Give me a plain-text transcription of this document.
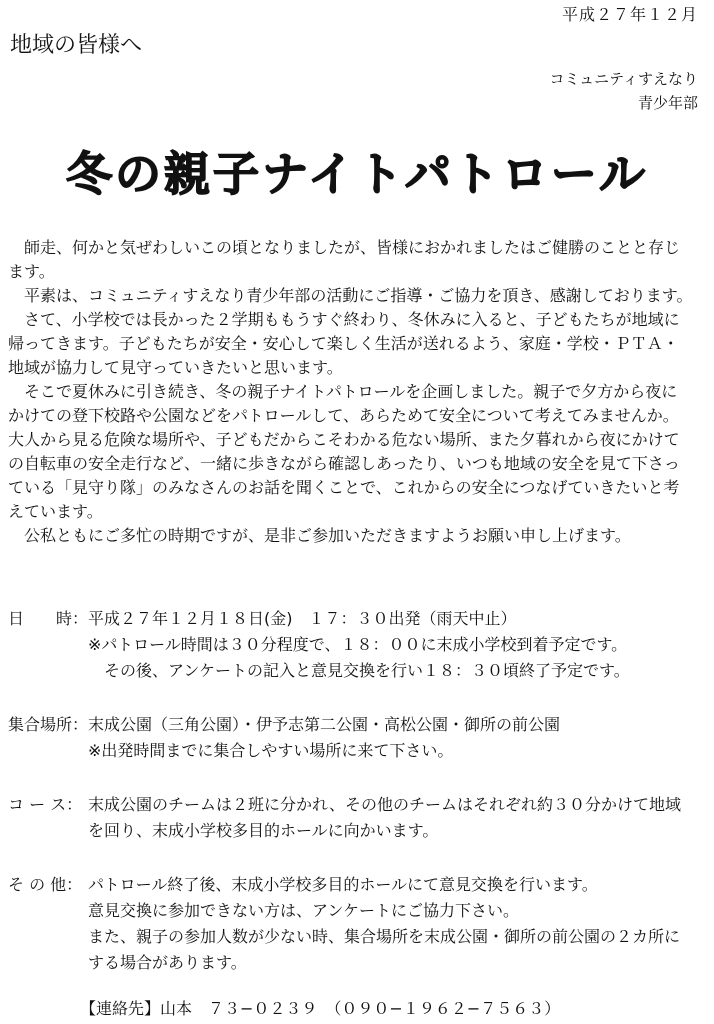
平成２７年１２月
地域の皆様へ
コミュニティすえなり
青少年部
冬の親子ナイトパトロール
　師走、何かと気ぜわしいこの頃となりましたが、皆様におかれましたはご健勝のことと存じ
ます。
　平素は、コミュニティすえなり青少年部の活動にご指導・ご協力を頂き、感謝しております。
　さて、小学校では長かった２学期ももうすぐ終わり、冬休みに入ると、子どもたちが地域に
帰ってきます。子どもたちが安全・安心して楽しく生活が送れるよう、家庭・学校・ＰＴＡ・
地域が協力して見守っていきたいと思います。
　そこで夏休みに引き続き、冬の親子ナイトパトロールを企画しました。親子で夕方から夜に
かけての登下校路や公園などをパトロールして、あらためて安全について考えてみませんか。
大人から見る危険な場所や、子どもだからこそわかる危ない場所、また夕暮れから夜にかけて
の自転車の安全走行など、一緒に歩きながら確認しあったり、いつも地域の安全を見て下さっ
ている「見守り隊」のみなさんのお話を聞くことで、これからの安全につなげていきたいと考
えています。
　公私ともにご多忙の時期ですが、是非ご参加いただきますようお願い申し上げます。
日　　時： 平成２７年１２月１８日(金)　１７：３０出発（雨天中止）
※パトロール時間は３０分程度で、１８：００に末成小学校到着予定です。
その後、アンケートの記入と意見交換を行い１８：３０頃終了予定です。
集合場所： 末成公園（三角公園）・伊予志第二公園・高松公園・御所の前公園
※出発時間までに集合しやすい場所に来て下さい。
コ ー ス： 末成公園のチームは２班に分かれ、その他のチームはそれぞれ約３０分かけて地域
を回り、末成小学校多目的ホールに向かいます。
そ の 他： パトロール終了後、末成小学校多目的ホールにて意見交換を行います。
意見交換に参加できない方は、アンケートにご協力下さい。
また、親子の参加人数が少ない時、集合場所を末成公園・御所の前公園の２カ所に
する場合があります。
【連絡先】山本　７３−０２３９　（０９０−１９６２−７５６３）
